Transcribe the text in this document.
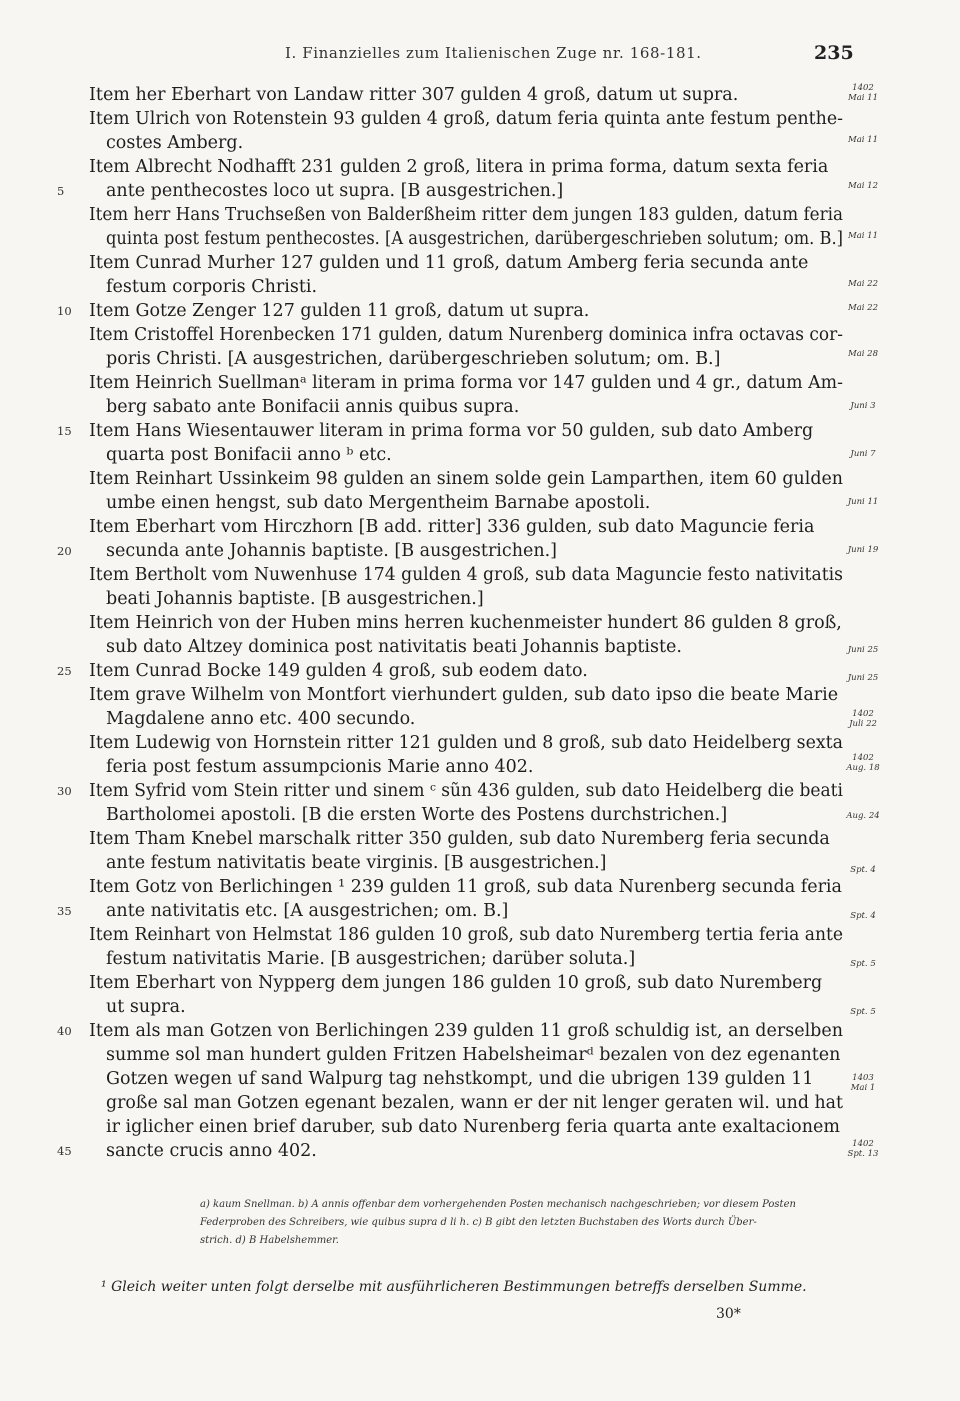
I. Finanzielles zum Italienischen Zuge nr. 168-181.	235
Item her Eberhart von Landaw ritter 307 gulden 4 groß, datum ut supra.
Item Ulrich von Rotenstein 93 gulden 4 groß, datum feria quinta ante festum penthe-
costes Amberg.
Item Albrecht Nodhafft 231 gulden 2 groß, litera in prima forma, datum sexta feria
5 ante penthecostes loco ut supra. [B ausgestrichen.]
Item herr Hans Truchseßen von Balderßheim ritter dem jungen 183 gulden, datum feria
quinta post festum penthecostes. [A ausgestrichen, darübergeschrieben solutum; om. B.]
Item Cunrad Murher 127 gulden und 11 groß, datum Amberg feria secunda ante
festum corporis Christi.
10 Item Gotze Zenger 127 gulden 11 groß, datum ut supra.
Item Cristoffel Horenbecken 171 gulden, datum Nurenberg dominica infra octavas cor-
poris Christi. [A ausgestrichen, darübergeschrieben solutum; om. B.]
Item Heinrich Suellmanᵃ literam in prima forma vor 147 gulden und 4 gr., datum Am-
berg sabato ante Bonifacii annis quibus supra.
15 Item Hans Wiesentauwer literam in prima forma vor 50 gulden, sub dato Amberg
quarta post Bonifacii anno ᵇ etc.
Item Reinhart Ussinkeim 98 gulden an sinem solde gein Lamparthen, item 60 gulden
umbe einen hengst, sub dato Mergentheim Barnabe apostoli.
Item Eberhart vom Hirczhorn [B add. ritter] 336 gulden, sub dato Maguncie feria
20 secunda ante Johannis baptiste. [B ausgestrichen.]
Item Bertholt vom Nuwenhuse 174 gulden 4 groß, sub data Maguncie festo nativitatis
beati Johannis baptiste. [B ausgestrichen.]
Item Heinrich von der Huben mins herren kuchenmeister hundert 86 gulden 8 groß,
sub dato Altzey dominica post nativitatis beati Johannis baptiste.
25 Item Cunrad Bocke 149 gulden 4 groß, sub eodem dato.
Item grave Wilhelm von Montfort vierhundert gulden, sub dato ipso die beate Marie
Magdalene anno etc. 400 secundo.
Item Ludewig von Hornstein ritter 121 gulden und 8 groß, sub dato Heidelberg sexta
feria post festum assumpcionis Marie anno 402.
30 Item Syfrid vom Stein ritter und sinem ᶜ sũn 436 gulden, sub dato Heidelberg die beati
Bartholomei apostoli. [B die ersten Worte des Postens durchstrichen.]
Item Tham Knebel marschalk ritter 350 gulden, sub dato Nuremberg feria secunda
ante festum nativitatis beate virginis. [B ausgestrichen.]
Item Gotz von Berlichingen ¹ 239 gulden 11 groß, sub data Nurenberg secunda feria
35 ante nativitatis etc. [A ausgestrichen; om. B.]
Item Reinhart von Helmstat 186 gulden 10 groß, sub dato Nuremberg tertia feria ante
festum nativitatis Marie. [B ausgestrichen; darüber soluta.]
Item Eberhart von Nypperg dem jungen 186 gulden 10 groß, sub dato Nuremberg
ut supra.
40 Item als man Gotzen von Berlichingen 239 gulden 11 groß schuldig ist, an derselben
summe sol man hundert gulden Fritzen Habelsheimarᵈ bezalen von dez egenanten
Gotzen wegen uf sand Walpurg tag nehstkompt, und die ubrigen 139 gulden 11
große sal man Gotzen egenant bezalen, wann er der nit lenger geraten wil. und hat
ir iglicher einen brief daruber, sub dato Nurenberg feria quarta ante exaltacionem
45 sancte crucis anno 402.
1402 Mai 11
Mai 11
Mai 12
Mai 11
Mai 22
Mai 22
Mai 28
Juni 3
Juni 7
Juni 11
Juni 19
Juni 25
Juni 25
1402 Juli 22
1402 Aug. 18
Aug. 24
Spt. 4
Spt. 4
Spt. 5
Spt. 5
1403 Mai 1
1402 Spt. 13

a) kaum Snellman. b) A annis offenbar dem vorhergehenden Posten mechanisch nachgeschrieben; vor diesem Posten

Federproben des Schreibers, wie quibus supra d li h. c) B gibt den letzten Buchstaben des Worts durch Über-

strich. d) B Habelshemmer.

¹ Gleich weiter unten folgt derselbe mit ausführlicheren Bestimmungen betreffs derselben Summe.
30*
